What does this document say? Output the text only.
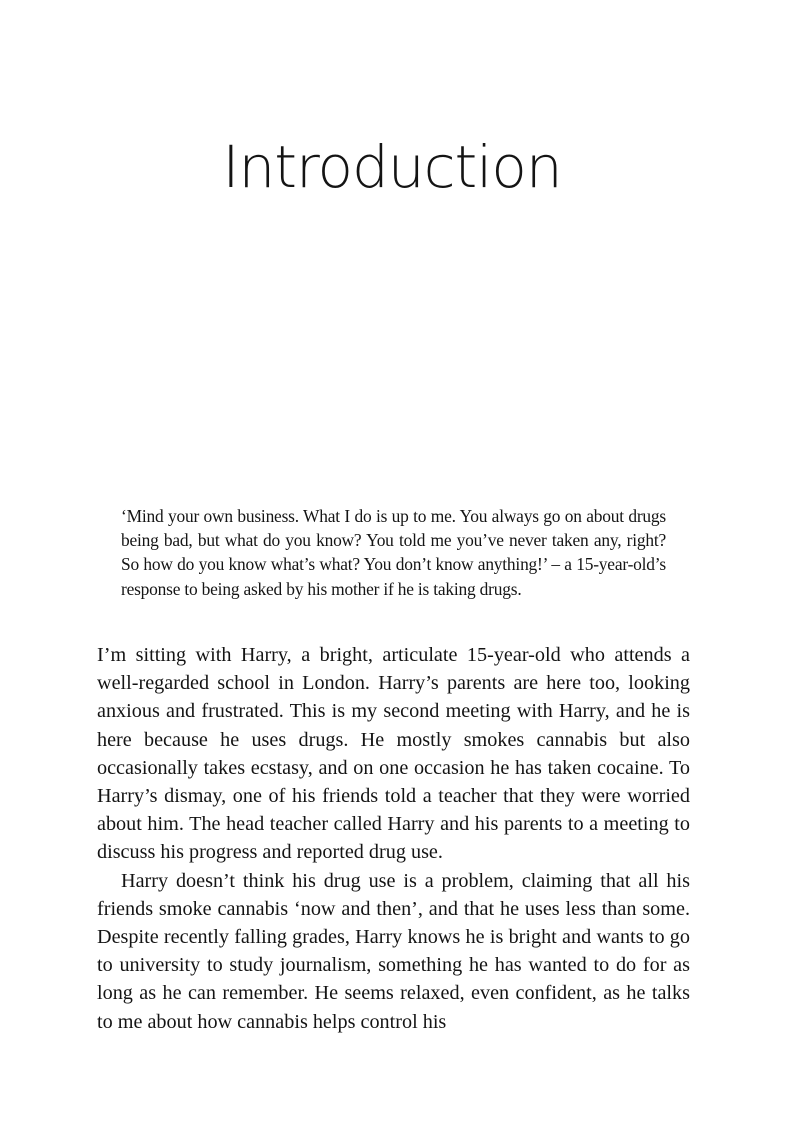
Introduction
‘Mind your own business. What I do is up to me. You always go on about drugs being bad, but what do you know? You told me you’ve never taken any, right? So how do you know what’s what? You don’t know anything!’ – a 15-year-old’s response to being asked by his mother if he is taking drugs.

I’m sitting with Harry, a bright, articulate 15-year-old who attends a well-regarded school in London. Harry’s parents are here too, looking anxious and frustrated. This is my second meeting with Harry, and he is here because he uses drugs. He mostly smokes cannabis but also occasionally takes ecstasy, and on one occasion he has taken cocaine. To Harry’s dismay, one of his friends told a teacher that they were worried about him. The head teacher called Harry and his parents to a meeting to discuss his progress and reported drug use.

Harry doesn’t think his drug use is a problem, claiming that all his friends smoke cannabis ‘now and then’, and that he uses less than some. Despite recently falling grades, Harry knows he is bright and wants to go to university to study journalism, something he has wanted to do for as long as he can remember. He seems relaxed, even confident, as he talks to me about how cannabis helps control his
